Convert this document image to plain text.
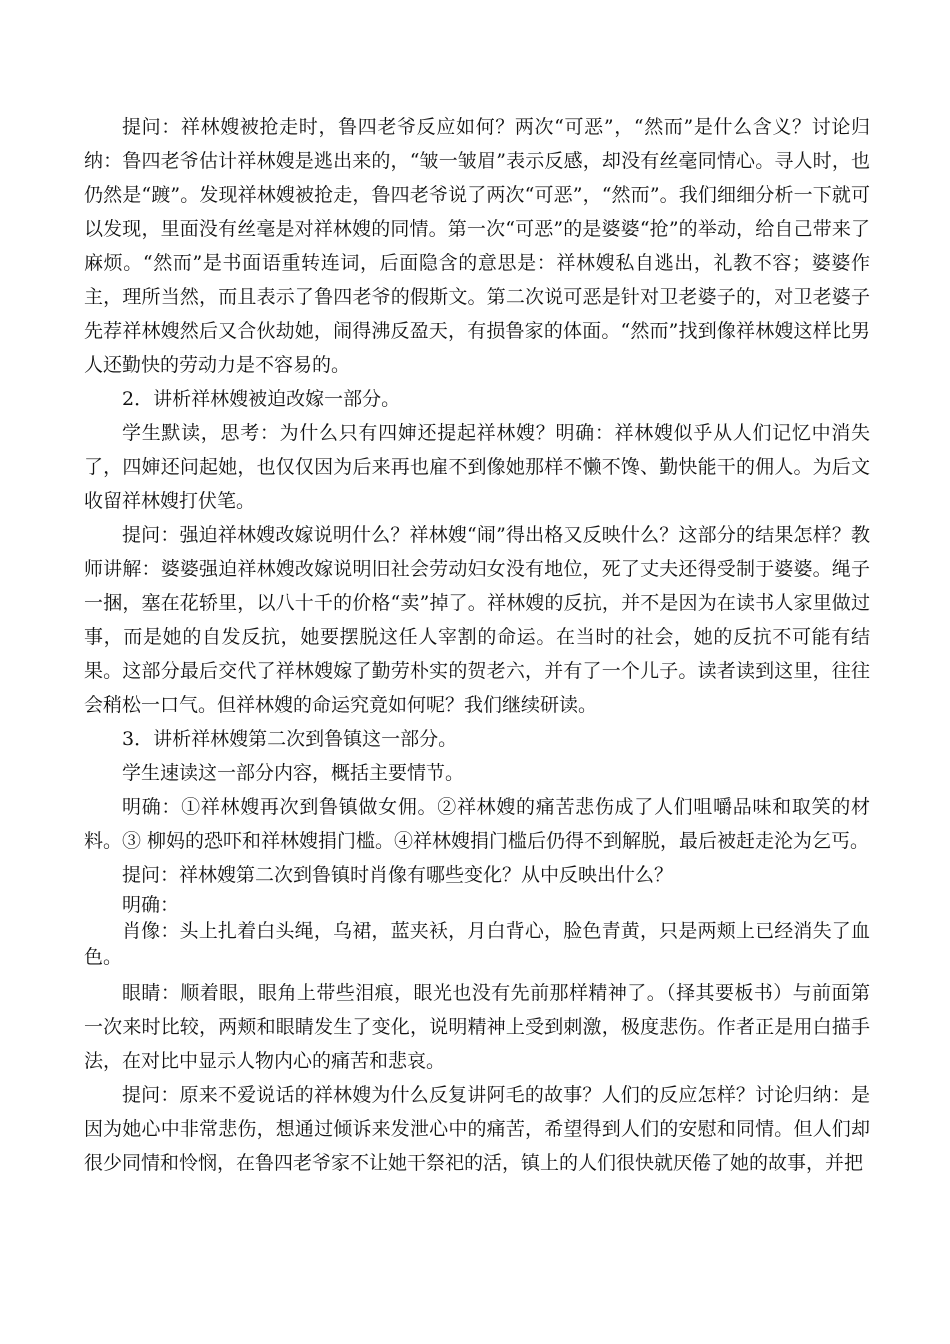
提问：祥林嫂被抢走时，鲁四老爷反应如何？两次“可恶”，“然而”是什么含义？讨论归纳：鲁四老爷估计祥林嫂是逃出来的，“皱一皱眉”表示反感，却没有丝毫同情心。寻人时，也仍然是“踱”。发现祥林嫂被抢走，鲁四老爷说了两次“可恶”，“然而”。我们细细分析一下就可以发现，里面没有丝毫是对祥林嫂的同情。第一次“可恶”的是婆婆“抢”的举动，给自己带来了麻烦。“然而”是书面语重转连词，后面隐含的意思是：祥林嫂私自逃出，礼教不容；婆婆作主，理所当然，而且表示了鲁四老爷的假斯文。第二次说可恶是针对卫老婆子的，对卫老婆子先荐祥林嫂然后又合伙劫她，闹得沸反盈天，有损鲁家的体面。“然而”找到像祥林嫂这样比男人还勤快的劳动力是不容易的。

2．讲析祥林嫂被迫改嫁一部分。

学生默读，思考：为什么只有四婶还提起祥林嫂？明确：祥林嫂似乎从人们记忆中消失了，四婶还问起她，也仅仅因为后来再也雇不到像她那样不懒不馋、勤快能干的佣人。为后文收留祥林嫂打伏笔。

提问：强迫祥林嫂改嫁说明什么？祥林嫂“闹”得出格又反映什么？这部分的结果怎样？教师讲解：婆婆强迫祥林嫂改嫁说明旧社会劳动妇女没有地位，死了丈夫还得受制于婆婆。绳子一捆，塞在花轿里，以八十千的价格“卖”掉了。祥林嫂的反抗，并不是因为在读书人家里做过事，而是她的自发反抗，她要摆脱这任人宰割的命运。在当时的社会，她的反抗不可能有结果。这部分最后交代了祥林嫂嫁了勤劳朴实的贺老六，并有了一个儿子。读者读到这里，往往会稍松一口气。但祥林嫂的命运究竟如何呢？我们继续研读。

3．讲析祥林嫂第二次到鲁镇这一部分。

学生速读这一部分内容，概括主要情节。

明确：①祥林嫂再次到鲁镇做女佣。②祥林嫂的痛苦悲伤成了人们咀嚼品味和取笑的材料。③ 柳妈的恐吓和祥林嫂捐门槛。④祥林嫂捐门槛后仍得不到解脱，最后被赶走沦为乞丐。

提问：祥林嫂第二次到鲁镇时肖像有哪些变化？从中反映出什么？

明确：

肖像：头上扎着白头绳，乌裙，蓝夹袄，月白背心，脸色青黄，只是两颊上已经消失了血色。

眼睛：顺着眼，眼角上带些泪痕，眼光也没有先前那样精神了。（择其要板书）与前面第一次来时比较，两颊和眼睛发生了变化，说明精神上受到刺激，极度悲伤。作者正是用白描手法，在对比中显示人物内心的痛苦和悲哀。

提问：原来不爱说话的祥林嫂为什么反复讲阿毛的故事？人们的反应怎样？讨论归纳：是因为她心中非常悲伤，想通过倾诉来发泄心中的痛苦，希望得到人们的安慰和同情。但人们却很少同情和怜悯，在鲁四老爷家不让她干祭祀的活，镇上的人们很快就厌倦了她的故事，并把
